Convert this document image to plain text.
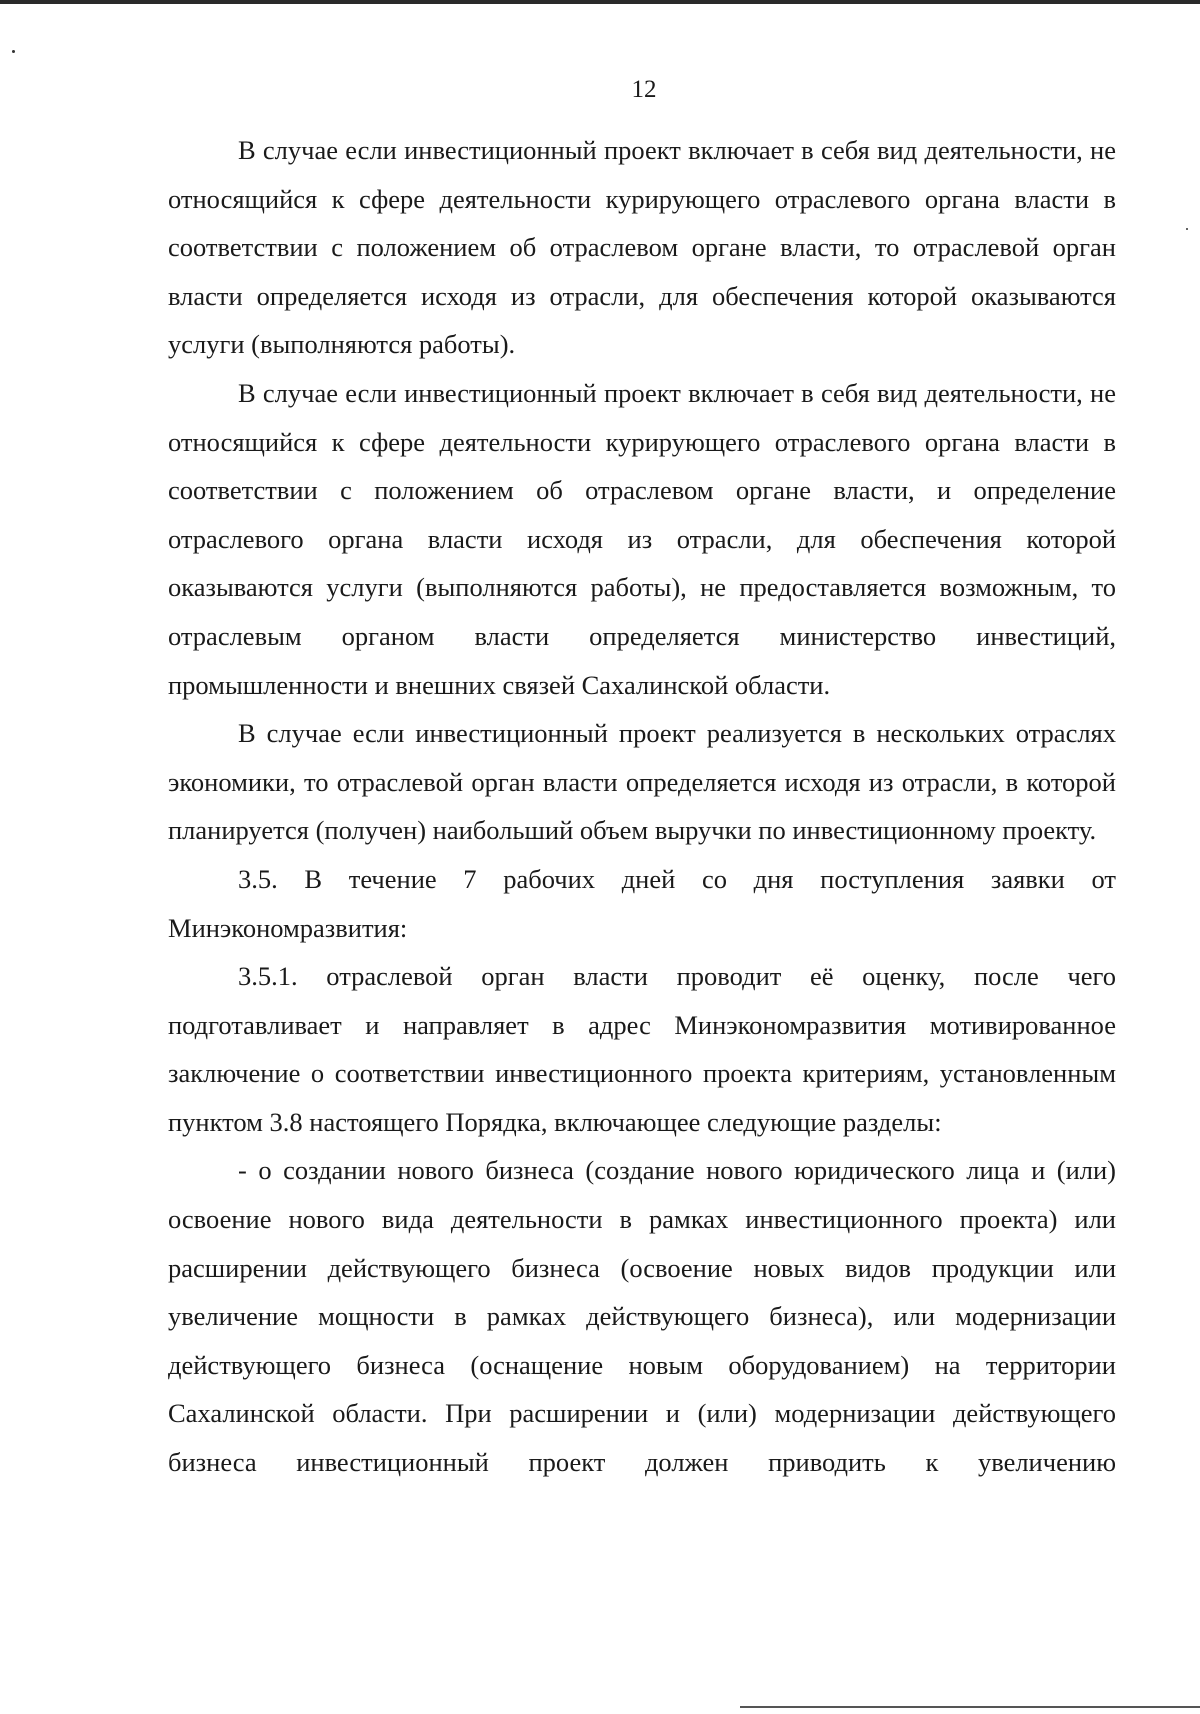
12

В случае если инвестиционный проект включает в себя вид деятельности, не относящийся к сфере деятельности курирующего отраслевого органа власти в соответствии с положением об отраслевом органе власти, то отраслевой орган власти определяется исходя из отрасли, для обеспечения которой оказываются услуги (выполняются работы).

В случае если инвестиционный проект включает в себя вид деятельности, не относящийся к сфере деятельности курирующего отраслевого органа власти в соответствии с положением об отраслевом органе власти, и определение отраслевого органа власти исходя из отрасли, для обеспечения которой оказываются услуги (выполняются работы), не предоставляется возможным, то отраслевым органом власти определяется министерство инвестиций, промышленности и внешних связей Сахалинской области.

В случае если инвестиционный проект реализуется в нескольких отраслях экономики, то отраслевой орган власти определяется исходя из отрасли, в которой планируется (получен) наибольший объем выручки по инвестиционному проекту.

3.5. В течение 7 рабочих дней со дня поступления заявки от Минэкономразвития:

3.5.1. отраслевой орган власти проводит её оценку, после чего подготавливает и направляет в адрес Минэкономразвития мотивированное заключение о соответствии инвестиционного проекта критериям, установленным пунктом 3.8 настоящего Порядка, включающее следующие разделы:

- о создании нового бизнеса (создание нового юридического лица и (или) освоение нового вида деятельности в рамках инвестиционного проекта) или расширении действующего бизнеса (освоение новых видов продукции или увеличение мощности в рамках действующего бизнеса), или модернизации действующего бизнеса (оснащение новым оборудованием) на территории Сахалинской области. При расширении и (или) модернизации действующего бизнеса инвестиционный проект должен приводить к увеличению
